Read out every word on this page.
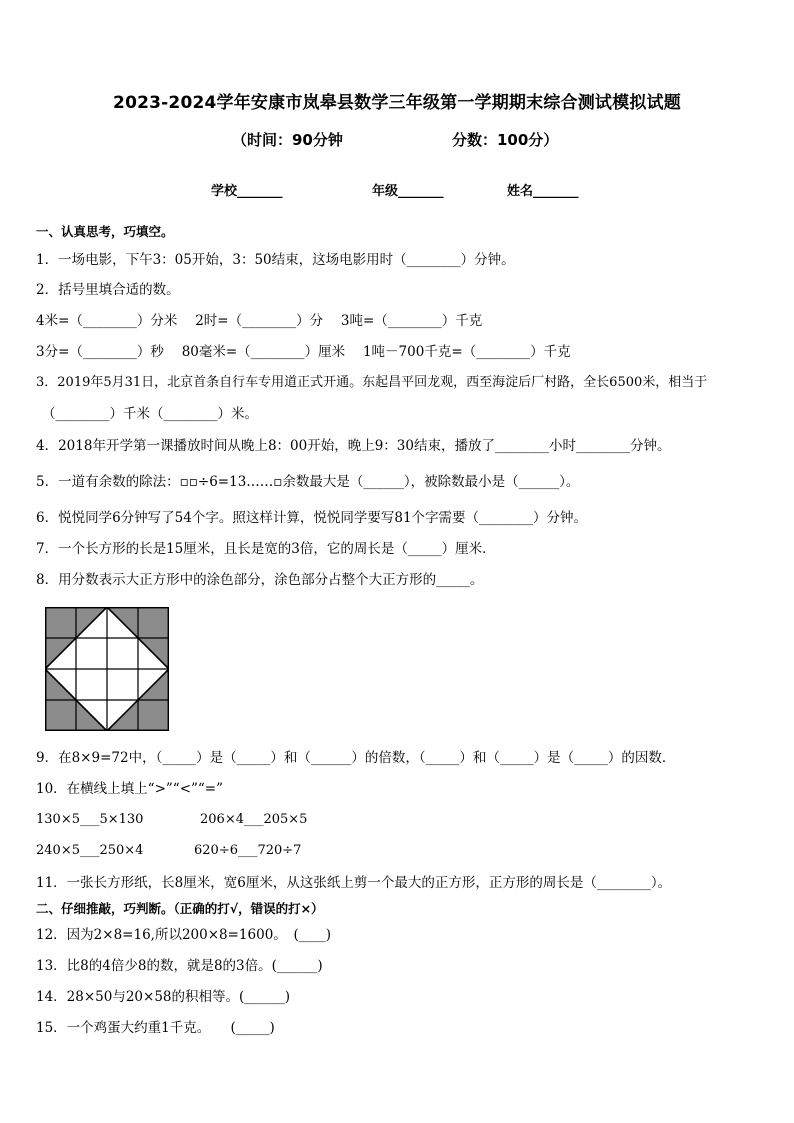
2023-2024学年安康市岚皋县数学三年级第一学期期末综合测试模拟试题
（时间：90分钟	分数：100分）
学校_______	年级_______	姓名_______
一、认真思考，巧填空。
1．一场电影，下午3：05开始，3：50结束，这场电影用时（________）分钟。
2．括号里填合适的数。
4米=（________）分米　 2时=（________）分　 3吨=（________）千克
3分=（________）秒　 80毫米=（________）厘米　 1吨－700千克=（________）千克
3．2019年5月31日，北京首条自行车专用道正式开通。东起昌平回龙观，西至海淀后厂村路，全长6500米，相当于
（________）千米（________）米。
4．2018年开学第一课播放时间从晚上8：00开始，晚上9：30结束，播放了________小时________分钟。
5．一道有余数的除法：▫▫÷6=13……▫余数最大是（______），被除数最小是（______）。
6．悦悦同学6分钟写了54个字。照这样计算，悦悦同学要写81个字需要（________）分钟。
7．一个长方形的长是15厘米，且长是宽的3倍，它的周长是（_____）厘米．
8．用分数表示大正方形中的涂色部分，涂色部分占整个大正方形的_____。
9．在8×9=72中，（_____）是（_____）和（______）的倍数，（_____）和（_____）是（_____）的因数．
10．在横线上填上“>”“<”“=”
130×5___5×130	206×4___205×5
240×5___250×4	620÷6___720÷7
11．一张长方形纸，长8厘米，宽6厘米，从这张纸上剪一个最大的正方形，正方形的周长是（________）。
二、仔细推敲，巧判断。（正确的打√，错误的打×）
12．因为2×8=16,所以200×8=1600。　(____)
13．比8的4倍少8的数，就是8的3倍。(______)
14．28×50与20×58的积相等。(______)
15．一个鸡蛋大约重1千克。　　(_____)
